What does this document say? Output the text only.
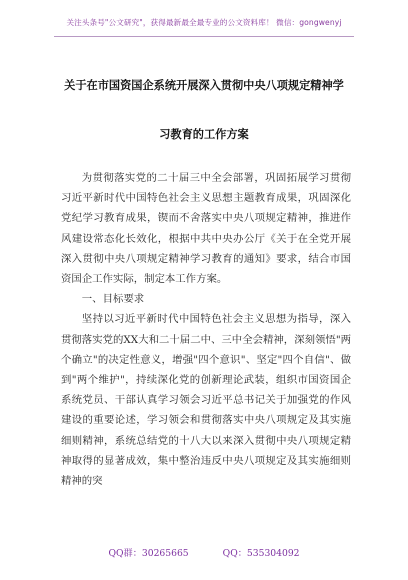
关注头条号"公文研究"，获得最新最全最专业的公文资料库！ 微信：gongwenyj
关于在市国资国企系统开展深入贯彻中央八项规定精神学
习教育的工作方案

为贯彻落实党的二十届三中全会部署，巩固拓展学习贯彻习近平新时代中国特色社会主义思想主题教育成果，巩固深化党纪学习教育成果，锲而不舍落实中央八项规定精神，推进作风建设常态化长效化，根据中共中央办公厅《关于在全党开展深入贯彻中央八项规定精神学习教育的通知》要求，结合市国资国企工作实际，制定本工作方案。

一、目标要求

坚持以习近平新时代中国特色社会主义思想为指导，深入贯彻落实党的XX大和二十届二中、三中全会精神，深刻领悟"两个确立"的决定性意义，增强"四个意识"、坚定"四个自信"、做到"两个维护"，持续深化党的创新理论武装，组织市国资国企系统党员、干部认真学习领会习近平总书记关于加强党的作风建设的重要论述，学习领会和贯彻落实中央八项规定及其实施细则精神，系统总结党的十八大以来深入贯彻中央八项规定精神取得的显著成效，集中整治违反中央八项规定及其实施细则精神的突

QQ群：30265665	QQ：535304092
